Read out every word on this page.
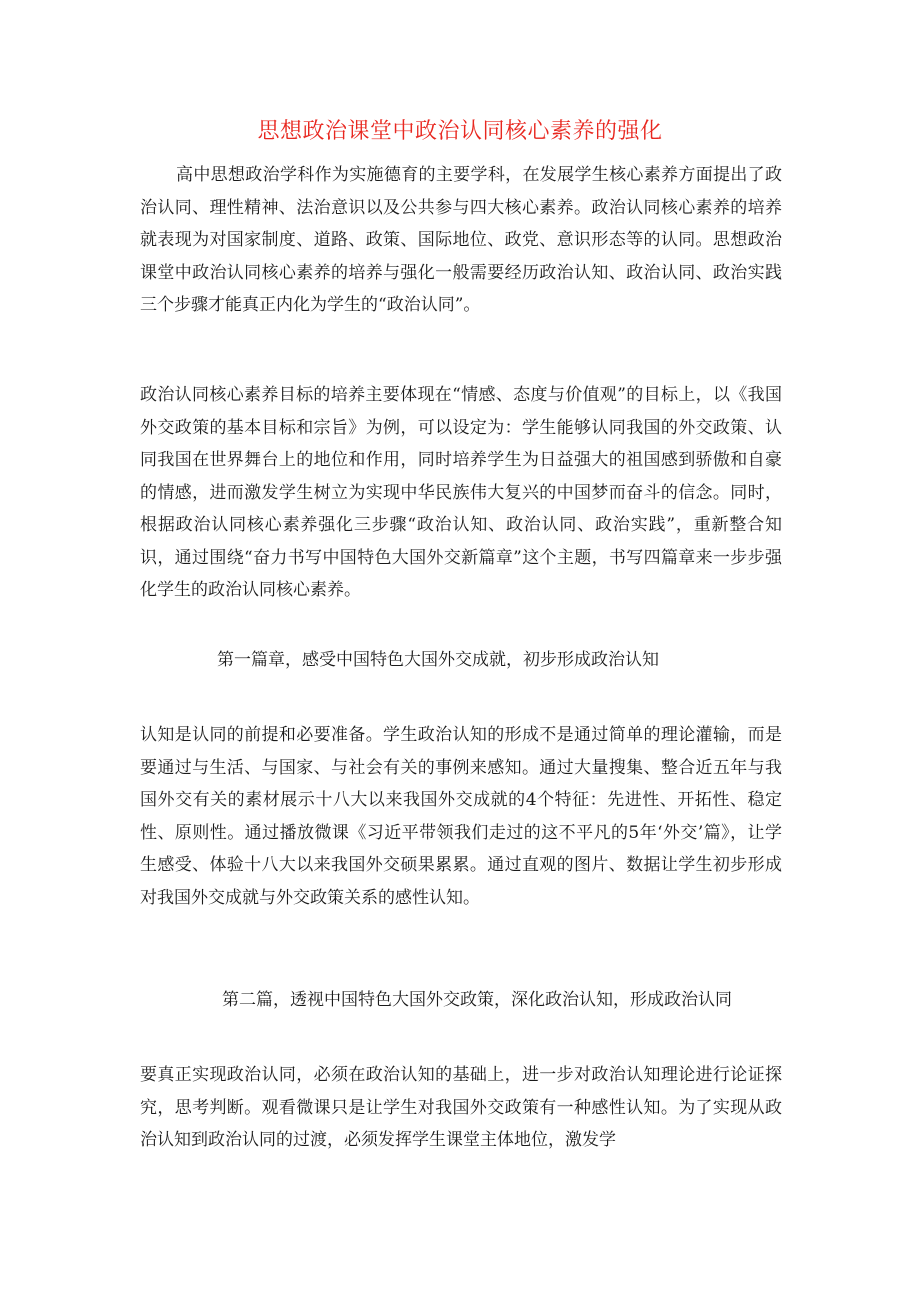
思想政治课堂中政治认同核心素养的强化

高中思想政治学科作为实施德育的主要学科，在发展学生核心素养方面提出了政治认同、理性精神、法治意识以及公共参与四大核心素养。政治认同核心素养的培养就表现为对国家制度、道路、政策、国际地位、政党、意识形态等的认同。思想政治课堂中政治认同核心素养的培养与强化一般需要经历政治认知、政治认同、政治实践三个步骤才能真正内化为学生的“政治认同”。

政治认同核心素养目标的培养主要体现在“情感、态度与价值观”的目标上，以《我国外交政策的基本目标和宗旨》为例，可以设定为：学生能够认同我国的外交政策、认同我国在世界舞台上的地位和作用，同时培养学生为日益强大的祖国感到骄傲和自豪的情感，进而激发学生树立为实现中华民族伟大复兴的中国梦而奋斗的信念。同时，根据政治认同核心素养强化三步骤“政治认知、政治认同、政治实践”，重新整合知识，通过围绕“奋力书写中国特色大国外交新篇章”这个主题，书写四篇章来一步步强化学生的政治认同核心素养。

第一篇章，感受中国特色大国外交成就，初步形成政治认知

认知是认同的前提和必要准备。学生政治认知的形成不是通过简单的理论灌输，而是要通过与生活、与国家、与社会有关的事例来感知。通过大量搜集、整合近五年与我国外交有关的素材展示十八大以来我国外交成就的4个特征：先进性、开拓性、稳定性、原则性。通过播放微课《习近平带领我们走过的这不平凡的5年‘外交’篇》，让学生感受、体验十八大以来我国外交硕果累累。通过直观的图片、数据让学生初步形成对我国外交成就与外交政策关系的感性认知。

第二篇，透视中国特色大国外交政策，深化政治认知，形成政治认同

要真正实现政治认同，必须在政治认知的基础上，进一步对政治认知理论进行论证探究，思考判断。观看微课只是让学生对我国外交政策有一种感性认知。为了实现从政治认知到政治认同的过渡，必须发挥学生课堂主体地位，激发学
